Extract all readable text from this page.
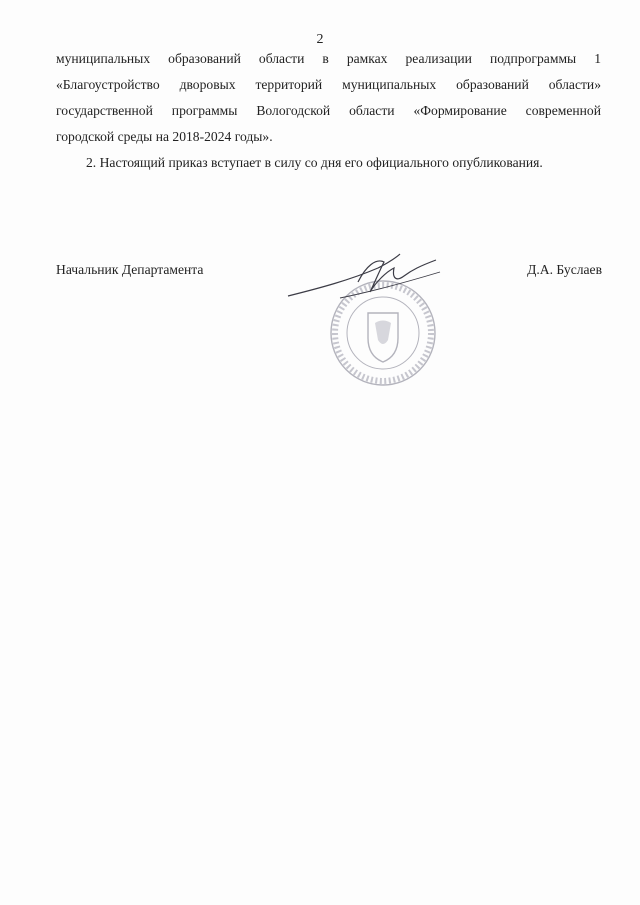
2

муниципальных образований области в рамках реализации подпрограммы 1
«Благоустройство дворовых территорий муниципальных образований области»
государственной программы Вологодской области «Формирование современной
городской среды на 2018-2024 годы».

2. Настоящий приказ вступает в силу со дня его официального опубликования.

Начальник Департамента	Д.А. Буслаев
